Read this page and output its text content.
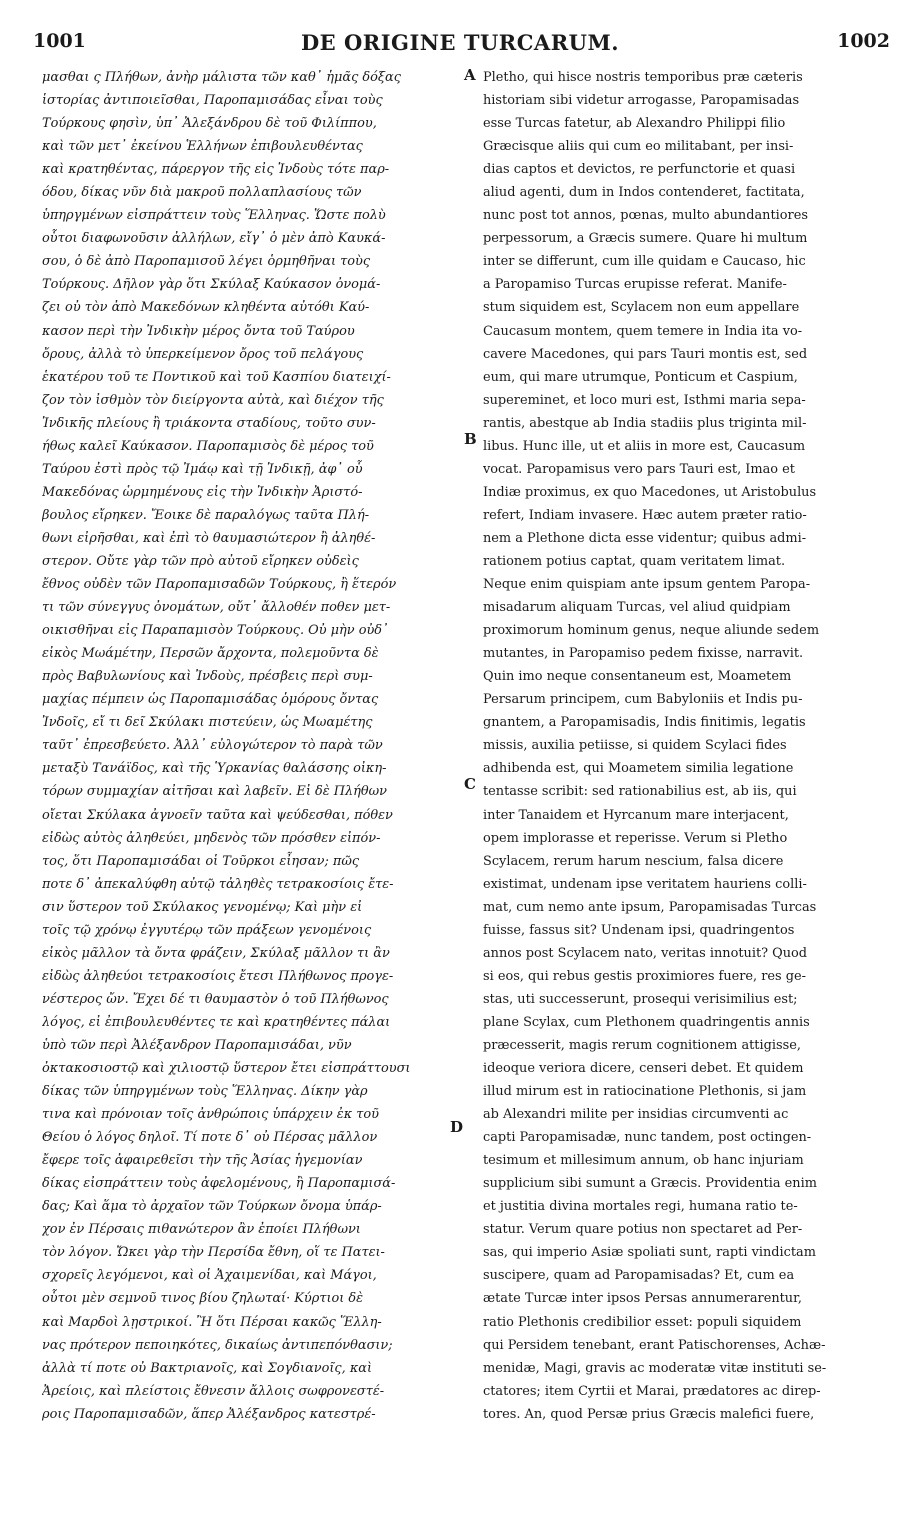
1001	DE ORIGINE TURCARUM.	1002
μασθαι ς Πλήθων, ἀνὴρ μάλιστα τῶν καθ᾽ ἡμᾶς δόξας
ἱστορίας ἀντιποιεῖσθαι, Παροπαμισάδας εἶναι τοὺς
Τούρκους φησὶν, ὑπ᾽ Ἀλεξάνδρου δὲ τοῦ Φιλίππου,
καὶ τῶν μετ᾽ ἐκείνου Ἑλλήνων ἐπιβουλευθέντας
καὶ κρατηθέντας, πάρεργον τῆς εἰς Ἰνδοὺς τότε παρ-
όδου, δίκας νῦν διὰ μακροῦ πολλαπλασίους τῶν
ὑπηργμένων εἰσπράττειν τοὺς Ἕλληνας. Ὥστε πολὺ
οὗτοι διαφωνοῦσιν ἀλλήλων, εἴγ᾽ ὁ μὲν ἀπὸ Καυκά-
σου, ὁ δὲ ἀπὸ Παροπαμισοῦ λέγει ὁρμηθῆναι τοὺς
Τούρκους. Δῆλον γὰρ ὅτι Σκύλαξ Καύκασον ὀνομά-
ζει οὐ τὸν ἀπὸ Μακεδόνων κληθέντα αὐτόθι Καύ-
κασον περὶ τὴν Ἰνδικὴν μέρος ὄντα τοῦ Ταύρου
ὄρους, ἀλλὰ τὸ ὑπερκείμενον ὄρος τοῦ πελάγους
ἑκατέρου τοῦ τε Ποντικοῦ καὶ τοῦ Κασπίου διατειχί-
ζον τὸν ἰσθμὸν τὸν διείργοντα αὐτὰ, καὶ διέχον τῆς
Ἰνδικῆς πλείους ἢ τριάκοντα σταδίους, τοῦτο συν-
ήθως καλεῖ Καύκασον. Παροπαμισὸς δὲ μέρος τοῦ
Ταύρου ἐστὶ πρὸς τῷ Ἰμάῳ καὶ τῇ Ἰνδικῇ, ἀφ᾽ οὗ
Μακεδόνας ὡρμημένους εἰς τὴν Ἰνδικὴν Ἀριστό-
βουλος εἴρηκεν. Ἔοικε δὲ παραλόγως ταῦτα Πλή-
θωνι εἰρῆσθαι, καὶ ἐπὶ τὸ θαυμασιώτερον ἢ ἀληθέ-
στερον. Οὔτε γὰρ τῶν πρὸ αὐτοῦ εἴρηκεν οὐδεὶς
ἔθνος οὐδὲν τῶν Παροπαμισαδῶν Τούρκους, ἢ ἕτερόν
τι τῶν σύνεγγυς ὀνομάτων, οὔτ᾽ ἄλλοθέν ποθεν μετ-
οικισθῆναι εἰς Παραπαμισὸν Τούρκους. Οὐ μὴν οὐδ᾽
εἰκὸς Μωάμέτην, Περσῶν ἄρχοντα, πολεμοῦντα δὲ
πρὸς Βαβυλωνίους καὶ Ἰνδοὺς, πρέσβεις περὶ συμ-
μαχίας πέμπειν ὡς Παροπαμισάδας ὁμόρους ὄντας
Ἰνδοῖς, εἴ τι δεῖ Σκύλακι πιστεύειν, ὡς Μωαμέτης
ταῦτ᾽ ἐπρεσβεύετο. Ἀλλ᾽ εὐλογώτερον τὸ παρὰ τῶν
μεταξὺ Τανάϊδος, καὶ τῆς Ὑρκανίας θαλάσσης οἰκη-
τόρων συμμαχίαν αἰτῆσαι καὶ λαβεῖν. Εἰ δὲ Πλήθων
οἴεται Σκύλακα ἀγνοεῖν ταῦτα καὶ ψεύδεσθαι, πόθεν
εἰδὼς αὐτὸς ἀληθεύει, μηδενὸς τῶν πρόσθεν εἰπόν-
τος, ὅτι Παροπαμισάδαι οἱ Τοῦρκοι εἶησαν; πῶς
ποτε δ᾽ ἀπεκαλύφθη αὐτῷ τἀληθὲς τετρακοσίοις ἔτε-
σιν ὕστερον τοῦ Σκύλακος γενομένῳ; Καὶ μὴν εἰ
τοῖς τῷ χρόνῳ ἐγγυτέρῳ τῶν πράξεων γενομένοις
εἰκὸς μᾶλλον τὰ ὄντα φράζειν, Σκύλαξ μᾶλλον τι ἂν
εἰδὼς ἀληθεύοι τετρακοσίοις ἔτεσι Πλήθωνος προγε-
νέστερος ὤν. Ἔχει δέ τι θαυμαστὸν ὁ τοῦ Πλήθωνος
λόγος, εἰ ἐπιβουλευθέντες τε καὶ κρατηθέντες πάλαι
ὑπὸ τῶν περὶ Ἀλέξανδρον Παροπαμισάδαι, νῦν
ὀκτακοσιοστῷ καὶ χιλιοστῷ ὕστερον ἔτει εἰσπράττουσι
δίκας τῶν ὑπηργμένων τοὺς Ἕλληνας. Δίκην γὰρ
τινα καὶ πρόνοιαν τοῖς ἀνθρώποις ὑπάρχειν ἐκ τοῦ
Θείου ὁ λόγος δηλοῖ. Τί ποτε δ᾽ οὐ Πέρσας μᾶλλον
ἔφερε τοῖς ἀφαιρεθεῖσι τὴν τῆς Ἀσίας ἡγεμονίαν
δίκας εἰσπράττειν τοὺς ἀφελομένους, ἢ Παροπαμισά-
δας; Καὶ ἅμα τὸ ἀρχαῖον τῶν Τούρκων ὄνομα ὑπάρ-
χον ἐν Πέρσαις πιθανώτερον ἂν ἐποίει Πλήθωνι
τὸν λόγον. Ὤκει γὰρ τὴν Περσίδα ἔθνη, οἵ τε Πατει-
σχορεῖς λεγόμενοι, καὶ οἱ Ἀχαιμενίδαι, καὶ Μάγοι,
οὗτοι μὲν σεμνοῦ τινος βίου ζηλωταί· Κύρτιοι δὲ
καὶ Μαρδοὶ λῃστρικοί. Ἢ ὅτι Πέρσαι κακῶς Ἕλλη-
νας πρότερον πεποιηκότες, δικαίως ἀντιπεπόνθασιν;
ἀλλὰ τί ποτε οὐ Βακτριανοῖς, καὶ Σογδιανοῖς, καὶ
Ἀρείοις, καὶ πλείστοις ἔθνεσιν ἄλλοις σωφρονεστέ-
ροις Παροπαμισαδῶν, ἅπερ Ἀλέξανδρος κατεστρέ-
Pletho, qui hisce nostris temporibus præ cæteris
historiam sibi videtur arrogasse, Paropamisadas
esse Turcas fatetur, ab Alexandro Philippi filio
Græcisque aliis qui cum eo militabant, per insi-
dias captos et devictos, re perfunctorie et quasi
aliud agenti, dum in Indos contenderet, factitata,
nunc post tot annos, pœnas, multo abundantiores
perpessorum, a Græcis sumere. Quare hi multum
inter se differunt, cum ille quidam e Caucaso, hic
a Paropamiso Turcas erupisse referat. Manife-
stum siquidem est, Scylacem non eum appellare
Caucasum montem, quem temere in India ita vo-
cavere Macedones, qui pars Tauri montis est, sed
eum, qui mare utrumque, Ponticum et Caspium,
supereminet, et loco muri est, Isthmi maria sepa-
rantis, abestque ab India stadiis plus triginta mil-
libus. Hunc ille, ut et aliis in more est, Caucasum
vocat. Paropamisus vero pars Tauri est, Imao et
Indiæ proximus, ex quo Macedones, ut Aristobulus
refert, Indiam invasere. Hæc autem præter ratio-
nem a Plethone dicta esse videntur; quibus admi-
rationem potius captat, quam veritatem limat.
Neque enim quispiam ante ipsum gentem Paropa-
misadarum aliquam Turcas, vel aliud quidpiam
proximorum hominum genus, neque aliunde sedem
mutantes, in Paropamiso pedem fixisse, narravit.
Quin imo neque consentaneum est, Moametem
Persarum principem, cum Babyloniis et Indis pu-
gnantem, a Paropamisadis, Indis finitimis, legatis
missis, auxilia petiisse, si quidem Scylaci fides
adhibenda est, qui Moametem similia legatione
tentasse scribit: sed rationabilius est, ab iis, qui
inter Tanaidem et Hyrcanum mare interjacent,
opem implorasse et reperisse. Verum si Pletho
Scylacem, rerum harum nescium, falsa dicere
existimat, undenam ipse veritatem hauriens colli-
mat, cum nemo ante ipsum, Paropamisadas Turcas
fuisse, fassus sit? Undenam ipsi, quadringentos
annos post Scylacem nato, veritas innotuit? Quod
si eos, qui rebus gestis proximiores fuere, res ge-
stas, uti successerunt, prosequi verisimilius est;
plane Scylax, cum Plethonem quadringentis annis
præcesserit, magis rerum cognitionem attigisse,
ideoque veriora dicere, censeri debet. Et quidem
illud mirum est in ratiocinatione Plethonis, si jam
ab Alexandri milite per insidias circumventi ac
capti Paropamisadæ, nunc tandem, post octingen-
tesimum et millesimum annum, ob hanc injuriam
supplicium sibi sumunt a Græcis. Providentia enim
et justitia divina mortales regi, humana ratio te-
statur. Verum quare potius non spectaret ad Per-
sas, qui imperio Asiæ spoliati sunt, rapti vindictam
suscipere, quam ad Paropamisadas? Et, cum ea
ætate Turcæ inter ipsos Persas annumerarentur,
ratio Plethonis credibilior esset: populi siquidem
qui Persidem tenebant, erant Patischorenses, Achæ-
menidæ, Magi, gravis ac moderatæ vitæ instituti se-
ctatores; item Cyrtii et Marai, prædatores ac direp-
tores. An, quod Persæ prius Græcis malefici fuere,
A
B
C
D
